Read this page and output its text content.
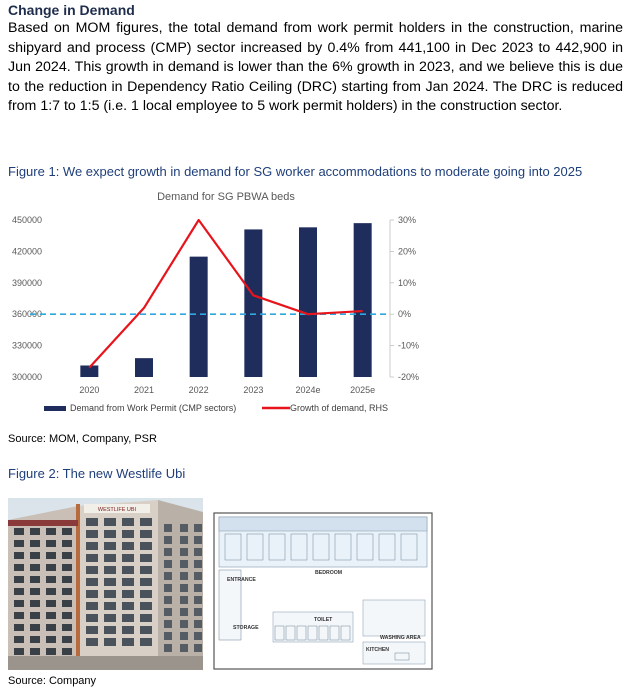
Change in Demand
Based on MOM figures, the total demand from work permit holders in the construction, marine shipyard and process (CMP) sector increased by 0.4% from 441,100 in Dec 2023 to 442,900 in Jun 2024. This growth in demand is lower than the 6% growth in 2023, and we believe this is due to the reduction in Dependency Ratio Ceiling (DRC) starting from Jan 2024. The DRC is reduced from 1:7 to 1:5 (i.e. 1 local employee to 5 work permit holders) in the construction sector.
Figure 1: We expect growth in demand for SG worker accommodations to moderate going into 2025
Demand for SG PBWA beds
450000
420000
390000
360000
330000
300000
30%
20%
10%
0%
-10%
-20%
2020	2021	2022	2023	2024e	2025e
Demand from Work Permit (CMP sectors)	Growth of demand, RHS
Source: MOM, Company, PSR
Figure 2: The new Westlife Ubi
WESTLIFE UBI
BEDROOM
ENTRANCE
STORAGE
TOILET
WASHING AREA
KITCHEN
Source: Company
